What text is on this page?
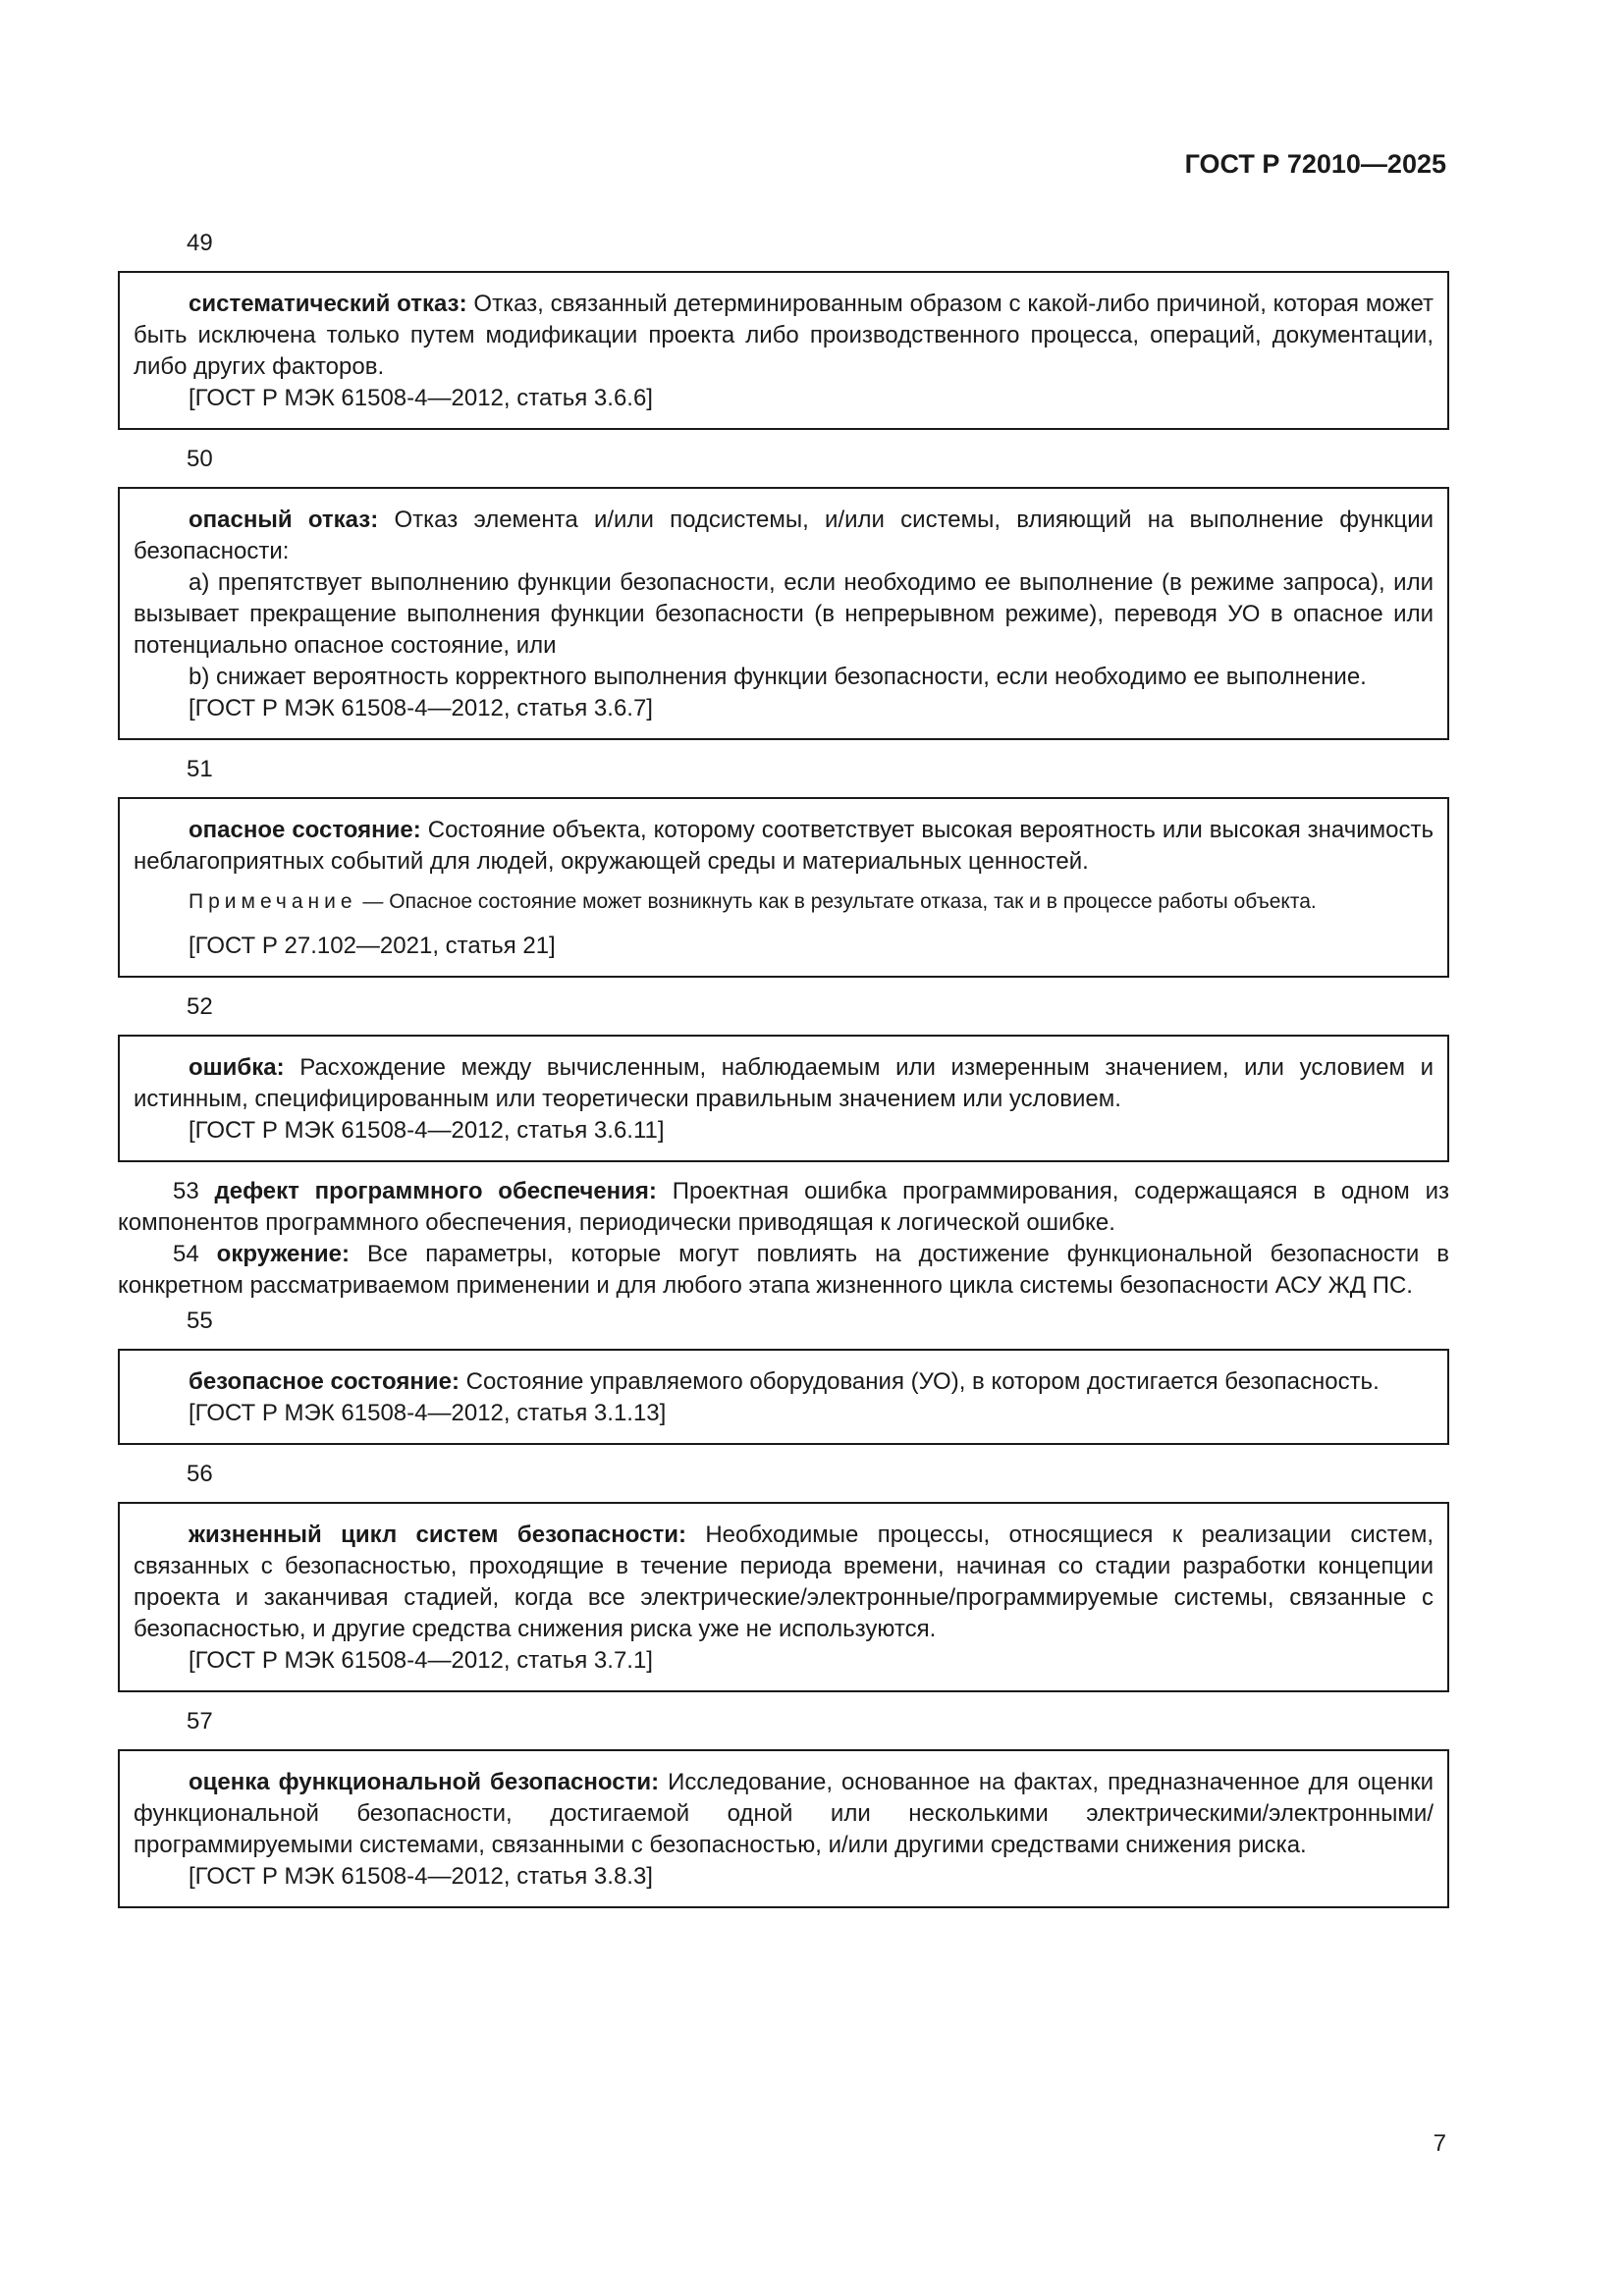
ГОСТ Р 72010—2025
49

систематический отказ: Отказ, связанный детерминированным образом с какой-либо причиной, которая может быть исключена только путем модификации проекта либо производственного процесса, операций, документации, либо других факторов.

[ГОСТ Р МЭК 61508-4—2012, статья 3.6.6]

50

опасный отказ: Отказ элемента и/или подсистемы, и/или системы, влияющий на выполнение функции безопасности:

a) препятствует выполнению функции безопасности, если необходимо ее выполнение (в режиме запроса), или вызывает прекращение выполнения функции безопасности (в непрерывном режиме), переводя УО в опасное или потенциально опасное состояние, или

b) снижает вероятность корректного выполнения функции безопасности, если необходимо ее выполнение.

[ГОСТ Р МЭК 61508-4—2012, статья 3.6.7]

51

опасное состояние: Состояние объекта, которому соответствует высокая вероятность или высокая значимость неблагоприятных событий для людей, окружающей среды и материальных ценностей.

Примечание — Опасное состояние может возникнуть как в результате отказа, так и в процессе работы объекта.

[ГОСТ Р 27.102—2021, статья 21]

52

ошибка: Расхождение между вычисленным, наблюдаемым или измеренным значением, или условием и истинным, специфицированным или теоретически правильным значением или условием.

[ГОСТ Р МЭК 61508-4—2012, статья 3.6.11]

53 дефект программного обеспечения: Проектная ошибка программирования, содержащаяся в одном из компонентов программного обеспечения, периодически приводящая к логической ошибке.

54 окружение: Все параметры, которые могут повлиять на достижение функциональной безопасности в конкретном рассматриваемом применении и для любого этапа жизненного цикла системы безопасности АСУ ЖД ПС.

55

безопасное состояние: Состояние управляемого оборудования (УО), в котором достигается безопасность.

[ГОСТ Р МЭК 61508-4—2012, статья 3.1.13]

56

жизненный цикл систем безопасности: Необходимые процессы, относящиеся к реализации систем, связанных с безопасностью, проходящие в течение периода времени, начиная со стадии разработки концепции проекта и заканчивая стадией, когда все электрические/электронные/программируемые системы, связанные с безопасностью, и другие средства снижения риска уже не используются.

[ГОСТ Р МЭК 61508-4—2012, статья 3.7.1]

57

оценка функциональной безопасности: Исследование, основанное на фактах, предназначенное для оценки функциональной безопасности, достигаемой одной или несколькими электрическими/электронными/программируемыми системами, связанными с безопасностью, и/или другими средствами снижения риска.

[ГОСТ Р МЭК 61508-4—2012, статья 3.8.3]

7
